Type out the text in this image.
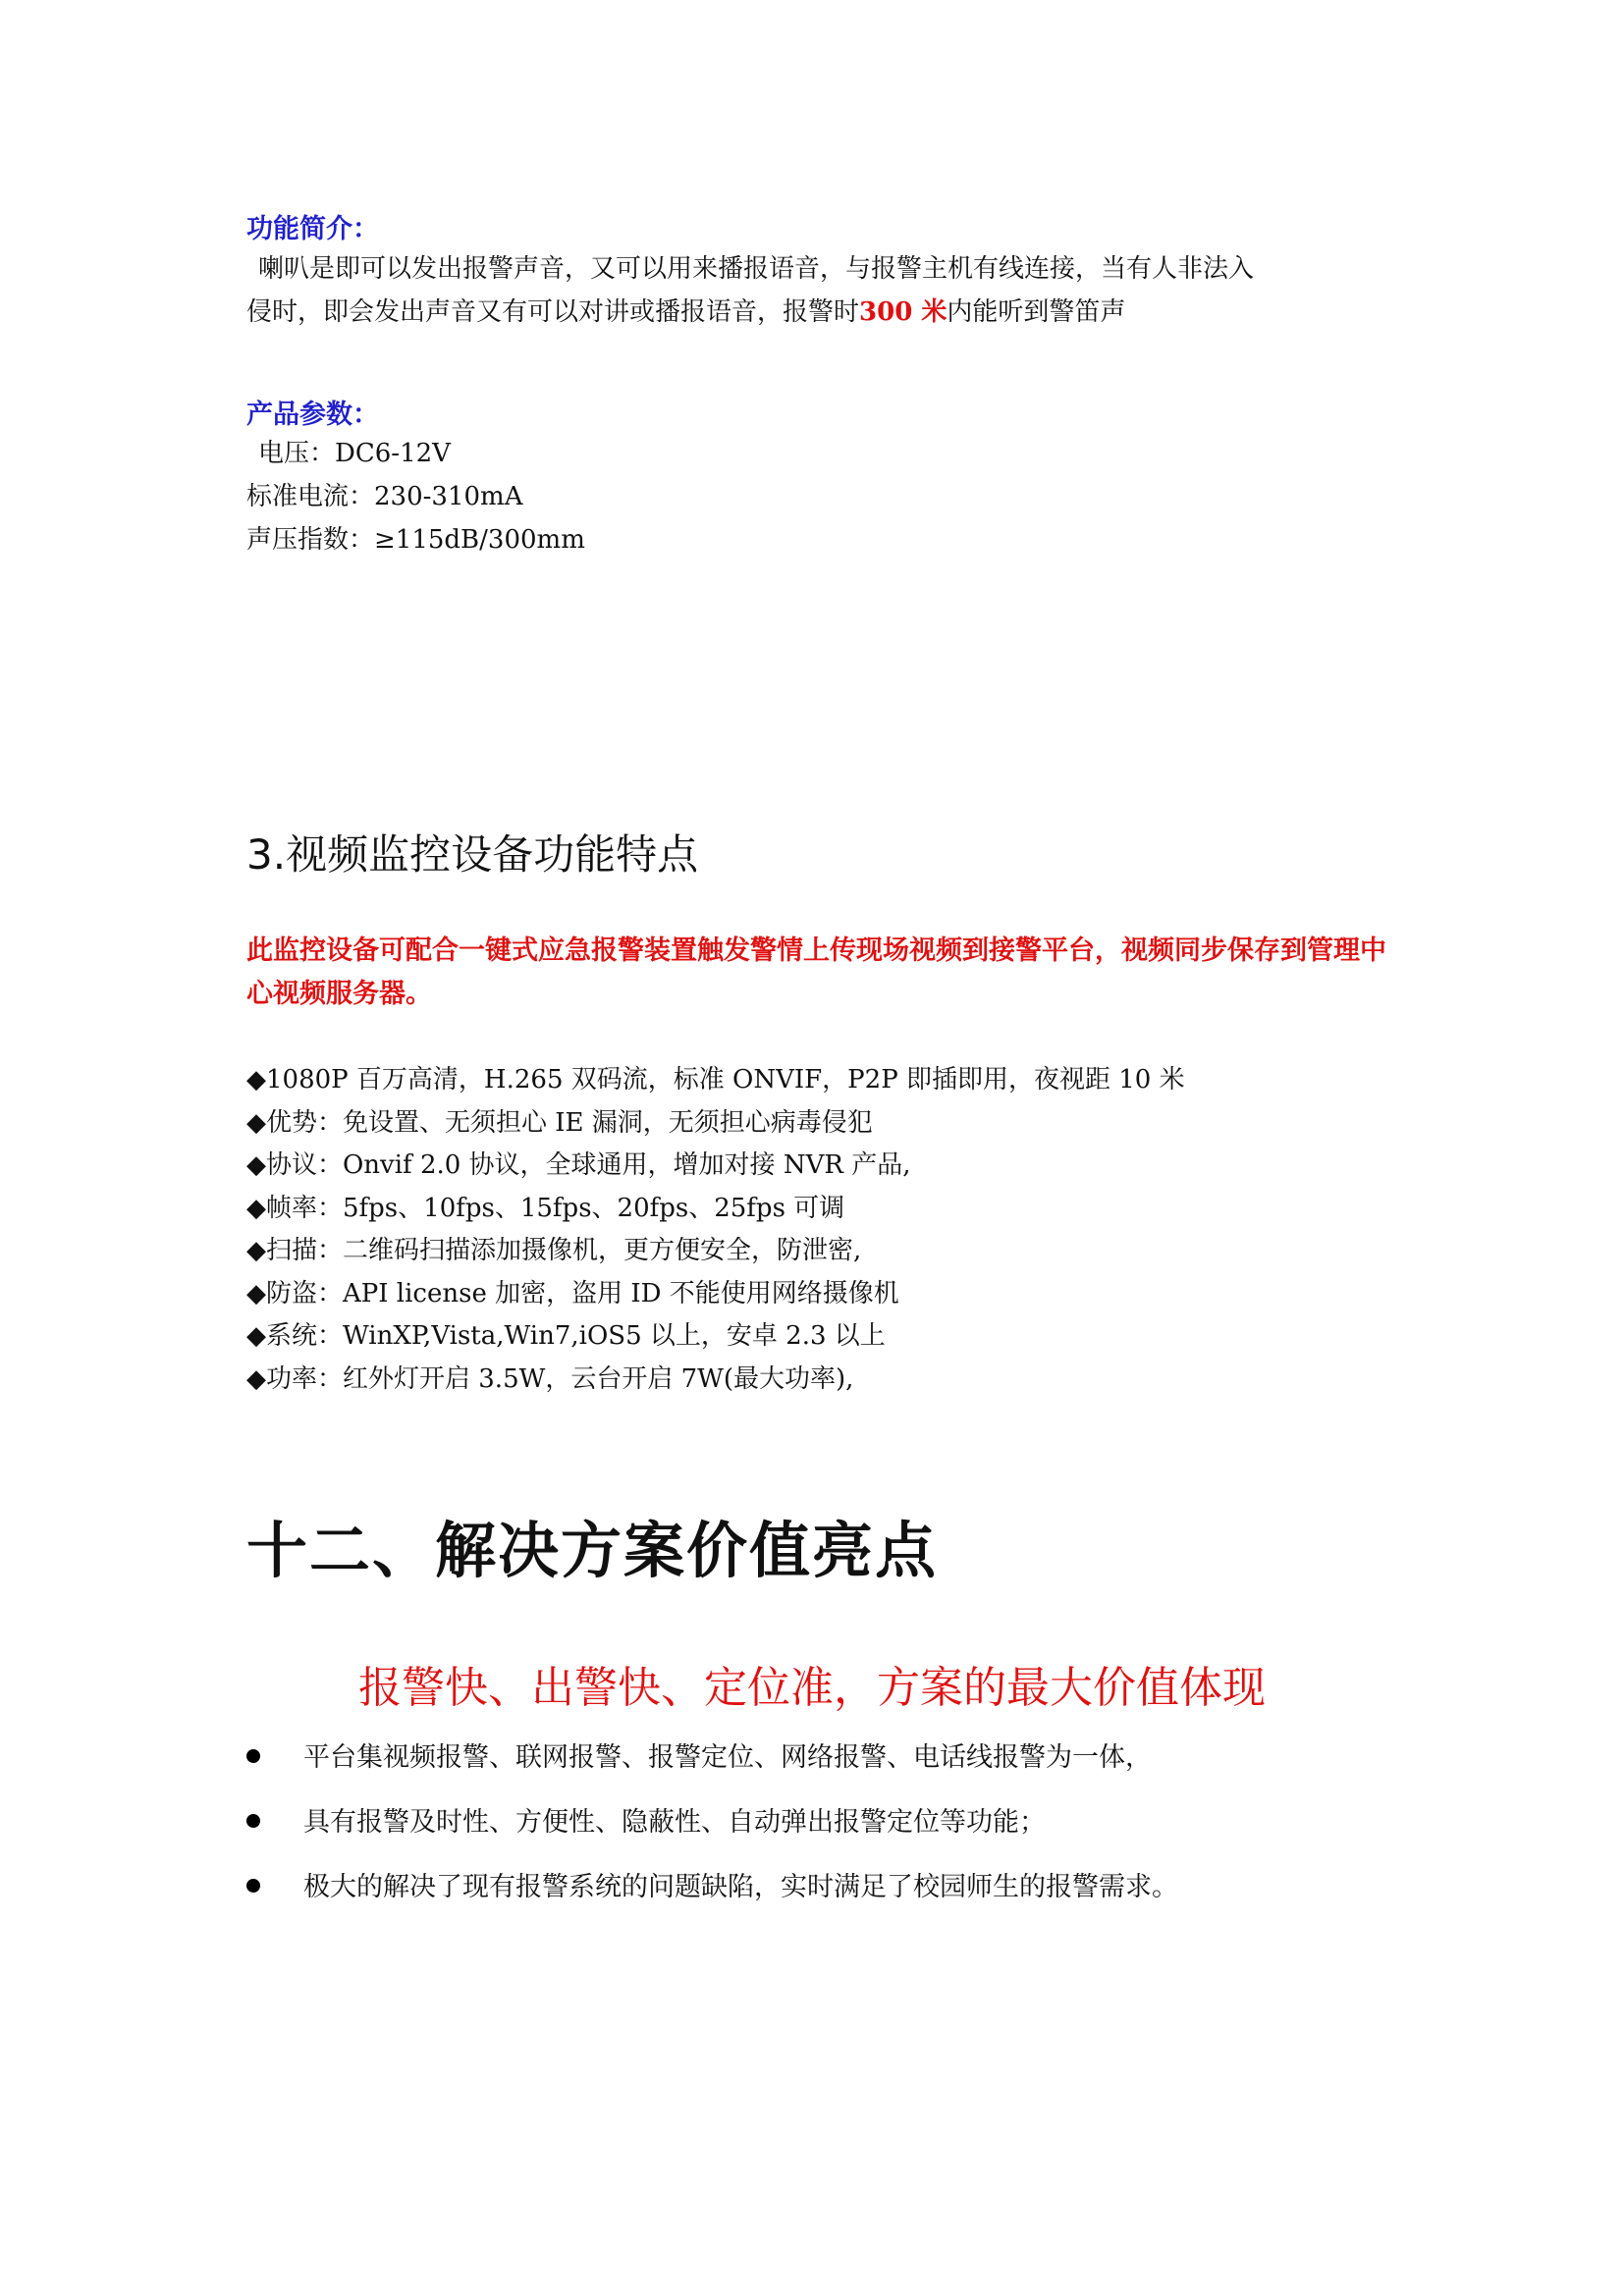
功能简介：
喇叭是即可以发出报警声音，又可以用来播报语音，与报警主机有线连接，当有人非法入
侵时，即会发出声音又有可以对讲或播报语音，报警时300 米内能听到警笛声
产品参数：
电压：DC6-12V
标准电流：230-310mA
声压指数：≥115dB/300mm
3.视频监控设备功能特点
此监控设备可配合一键式应急报警装置触发警情上传现场视频到接警平台，视频同步保存到管理中心视频服务器。
◆1080P 百万高清，H.265 双码流，标准 ONVIF，P2P 即插即用，夜视距 10 米
◆优势：免设置、无须担心 IE 漏洞，无须担心病毒侵犯
◆协议：Onvif 2.0 协议，全球通用，增加对接 NVR 产品,
◆帧率：5fps、10fps、15fps、20fps、25fps 可调
◆扫描：二维码扫描添加摄像机，更方便安全，防泄密,
◆防盗：API license 加密，盗用 ID 不能使用网络摄像机
◆系统：WinXP,Vista,Win7,iOS5 以上，安卓 2.3 以上
◆功率：红外灯开启 3.5W，云台开启 7W(最大功率),
十二、解决方案价值亮点
报警快、出警快、定位准，方案的最大价值体现
平台集视频报警、联网报警、报警定位、网络报警、电话线报警为一体，
具有报警及时性、方便性、隐蔽性、自动弹出报警定位等功能；
极大的解决了现有报警系统的问题缺陷，实时满足了校园师生的报警需求。
